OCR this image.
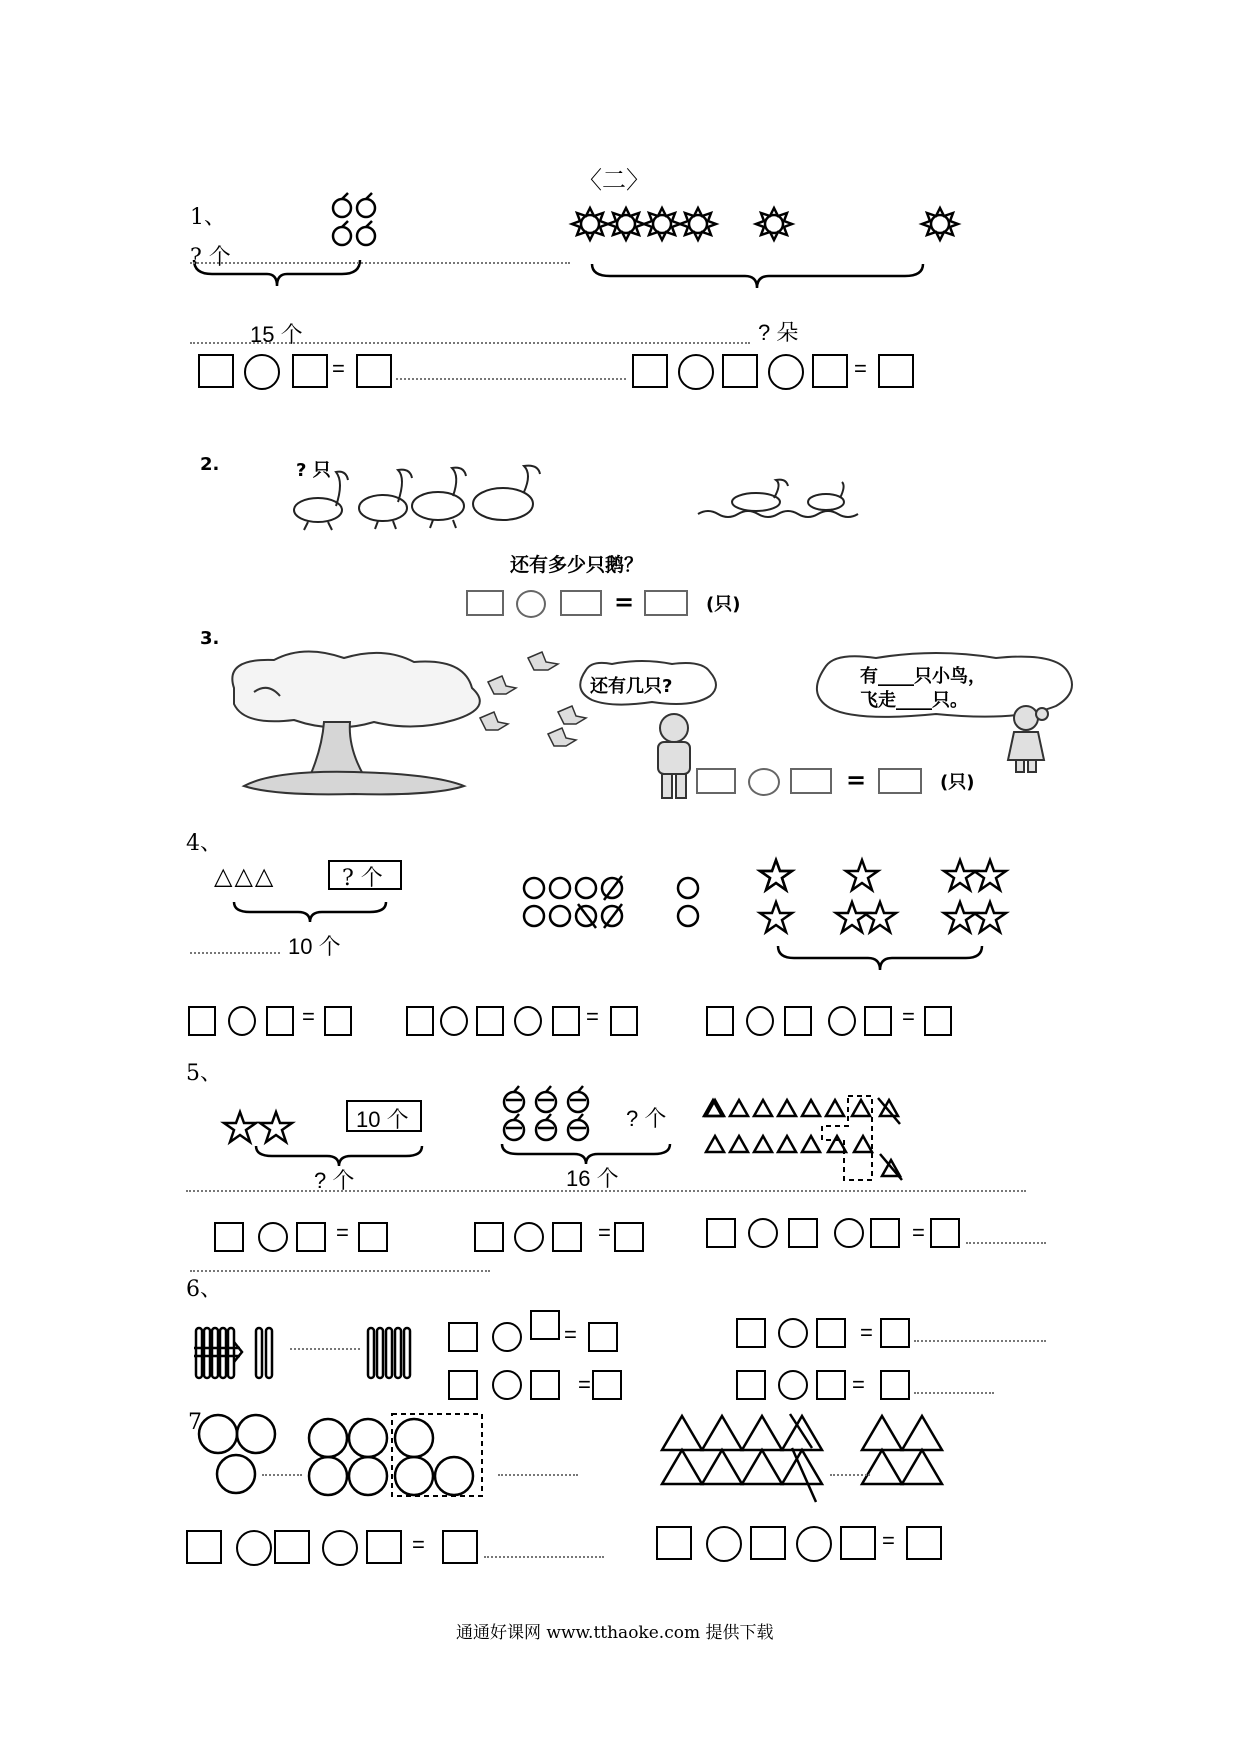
〈二〉
1、
? 个
15 个	? 朵
=	=
2.	? 只
还有多少只鹅？
=	(只)
3.
还有几只?	有____只小鸟，
飞走____只。
=	(只)
4、
△△△	? 个
10 个
=	=	=
5、
10 个
? 个
? 个
16 个
=	=	=
6、
=	=
=	=
7
=	=
通通好课网 www.tthaoke.com 提供下载
